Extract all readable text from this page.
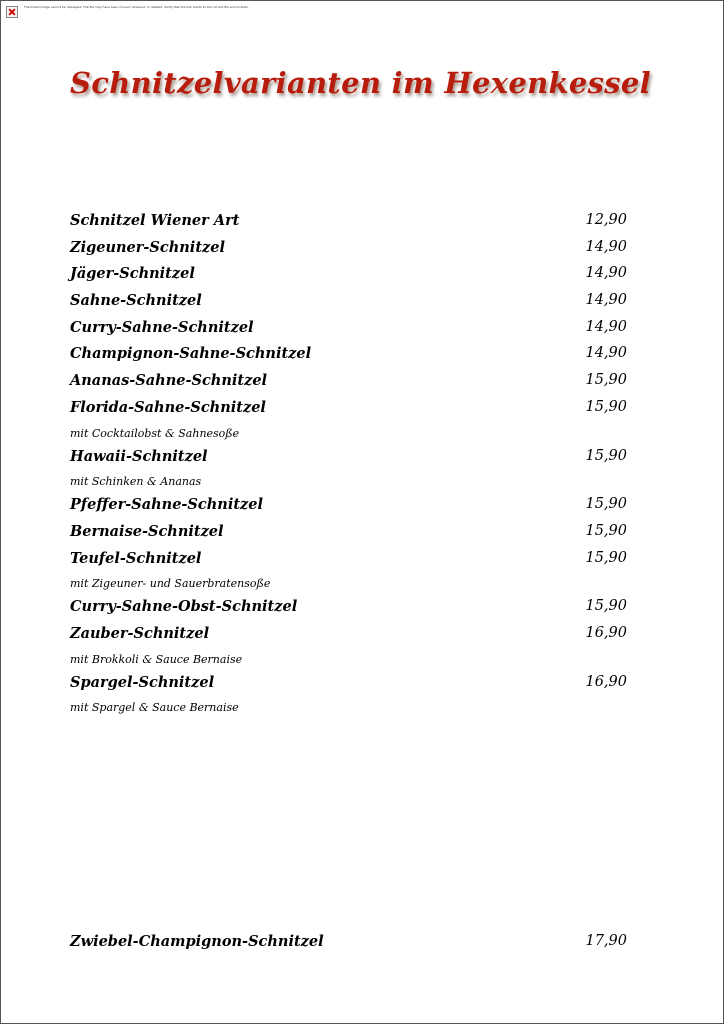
The linked image cannot be displayed. The file may have been moved, renamed, or deleted. Verify that the link points to the correct file and location.
Schnitzelvarianten im Hexenkessel
Schnitzel Wiener Art	12,90
Zigeuner-Schnitzel	14,90
Jäger-Schnitzel	14,90
Sahne-Schnitzel	14,90
Curry-Sahne-Schnitzel	14,90
Champignon-Sahne-Schnitzel	14,90
Ananas-Sahne-Schnitzel	15,90
Florida-Sahne-Schnitzel	15,90
mit Cocktailobst & Sahnesoße
Hawaii-Schnitzel	15,90
mit Schinken & Ananas
Pfeffer-Sahne-Schnitzel	15,90
Bernaise-Schnitzel	15,90
Teufel-Schnitzel	15,90
mit Zigeuner- und Sauerbratensoße
Curry-Sahne-Obst-Schnitzel	15,90
Zauber-Schnitzel	16,90
mit Brokkoli & Sauce Bernaise
Spargel-Schnitzel	16,90
mit Spargel & Sauce Bernaise
Zwiebel-Champignon-Schnitzel	17,90
